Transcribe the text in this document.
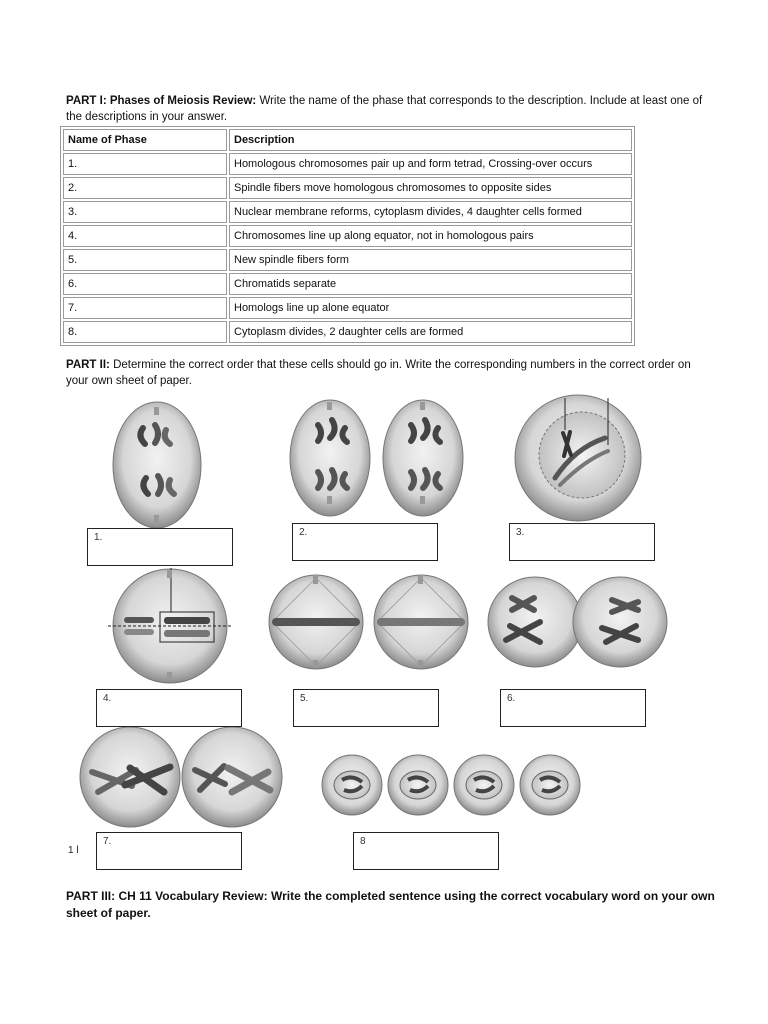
PART I: Phases of Meiosis Review: Write the name of the phase that corresponds to the description. Include at least one of the descriptions in your answer.
Name of Phase	Description
1.	Homologous chromosomes pair up and form tetrad, Crossing-over occurs
2.	Spindle fibers move homologous chromosomes to opposite sides
3.	Nuclear membrane reforms, cytoplasm divides, 4 daughter cells formed
4.	Chromosomes line up along equator, not in homologous pairs
5.	New spindle fibers form
6.	Chromatids separate
7.	Homologs line up alone equator
8.	Cytoplasm divides, 2 daughter cells are formed
PART II: Determine the correct order that these cells should go in. Write the corresponding numbers in the correct order on your own sheet of paper.
1.	2.	3.
4.	5.	6.
7.	8
1 l
PART III: CH 11 Vocabulary Review: Write the completed sentence using the correct vocabulary word on your own sheet of paper.
